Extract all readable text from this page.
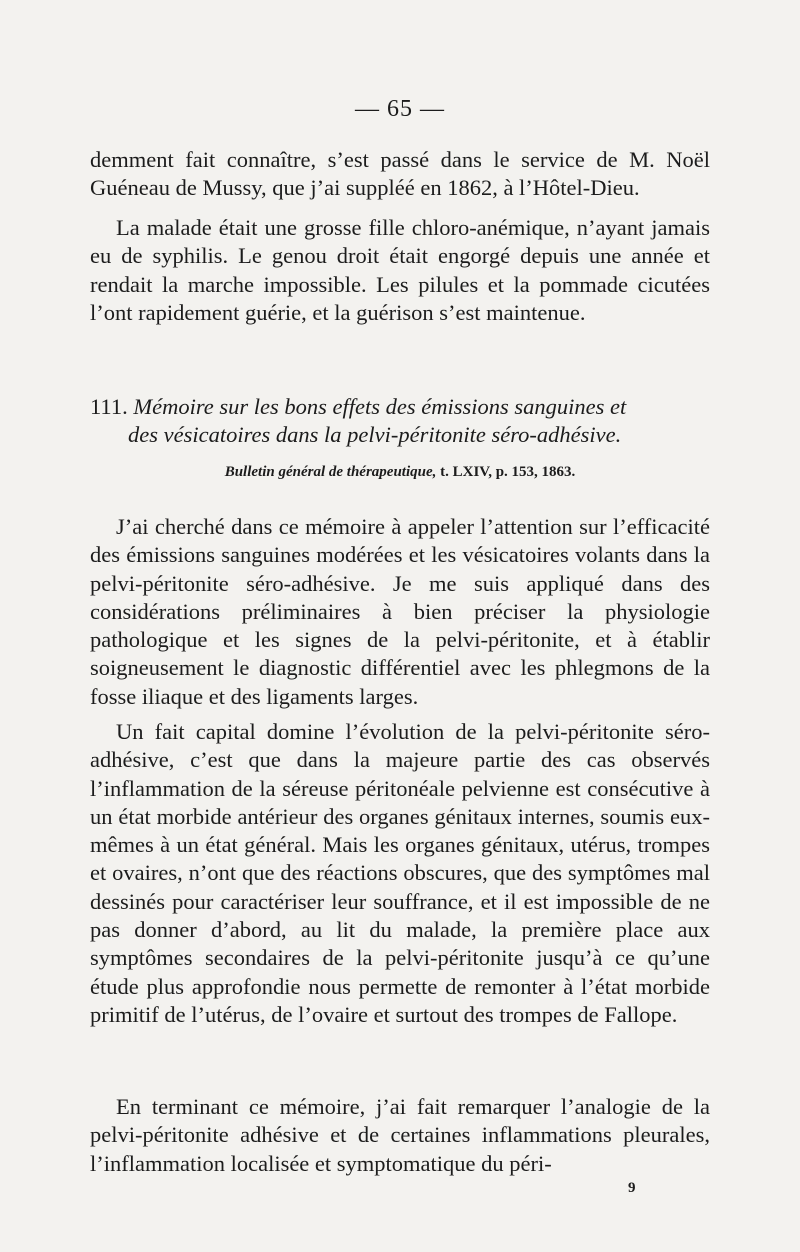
— 65 —

demment fait connaître, s’est passé dans le service de M. Noël Guéneau de Mussy, que j’ai suppléé en 1862, à l’Hôtel-Dieu.

La malade était une grosse fille chloro-anémique, n’ayant jamais eu de syphilis. Le genou droit était engorgé depuis une année et rendait la marche impossible. Les pilules et la pommade cicutées l’ont rapidement guérie, et la guérison s’est maintenue.

111. Mémoire sur les bons effets des émissions sanguines et
des vésicatoires dans la pelvi-péritonite séro-adhésive.
Bulletin général de thérapeutique, t. LXIV, p. 153, 1863.

J’ai cherché dans ce mémoire à appeler l’attention sur l’efficacité des émissions sanguines modérées et les vésicatoires volants dans la pelvi-péritonite séro-adhésive. Je me suis appliqué dans des considérations préliminaires à bien préciser la physiologie pathologique et les signes de la pelvi-péritonite, et à établir soigneusement le diagnostic différentiel avec les phlegmons de la fosse iliaque et des ligaments larges.

Un fait capital domine l’évolution de la pelvi-péritonite séro-adhésive, c’est que dans la majeure partie des cas observés l’inflammation de la séreuse péritonéale pelvienne est consécutive à un état morbide antérieur des organes génitaux internes, soumis eux-mêmes à un état général. Mais les organes génitaux, utérus, trompes et ovaires, n’ont que des réactions obscures, que des symptômes mal dessinés pour caractériser leur souffrance, et il est impossible de ne pas donner d’abord, au lit du malade, la première place aux symptômes secondaires de la pelvi-péritonite jusqu’à ce qu’une étude plus approfondie nous permette de remonter à l’état morbide primitif de l’utérus, de l’ovaire et surtout des trompes de Fallope.

En terminant ce mémoire, j’ai fait remarquer l’analogie de la pelvi-péritonite adhésive et de certaines inflammations pleurales, l’inflammation localisée et symptomatique du péri-

9
